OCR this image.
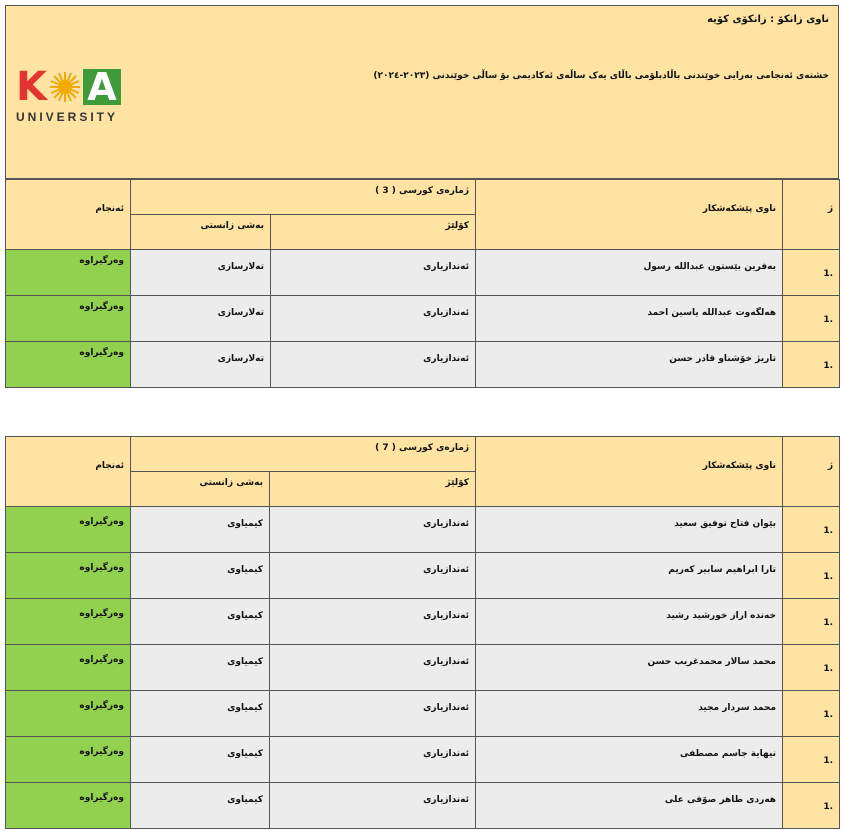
ناوی زانکۆ : زانکۆی کۆیە
خشتەی ئەنجامی بەرایی خوێندنی باڵادبلۆمی باڵای یەک ساڵەی ئەکادیمی بۆ ساڵی خوێندنی (٢٠٢٣-٢٠٢٤)
K A
UNIVERSITY
ئەنجام	ژمارەی کورسی ( 3 )		ناوی پێشکەشکار	ژ
	بەشی زانستی	کۆلێژ		
وەرگیراوە	تەلارسازی	ئەندازیاری	بەفرین بێستون عبداللە رسول	1.
وەرگیراوە	تەلارسازی	ئەندازیاری	هەلگەوت عبداللە یاسین احمد	1.
وەرگیراوە	تەلارسازی	ئەندازیاری	تاریژ خۆشناو قادر حسن	1.
ئەنجام	ژمارەی کورسی ( 7 )		ناوی پێشکەشکار	ژ
	بەشی زانستی	کۆلێژ		
وەرگیراوە	کیمیاوی	ئەندازیاری	بێوان فتاح توفیق سعید	1.
وەرگیراوە	کیمیاوی	ئەندازیاری	تارا ابراهیم سابیر کەریم	1.
وەرگیراوە	کیمیاوی	ئەندازیاری	خەندە اراز خورشید رشید	1.
وەرگیراوە	کیمیاوی	ئەندازیاری	محمد سالار محمدغریب حسن	1.
وەرگیراوە	کیمیاوی	ئەندازیاری	محمد سردار مجید	1.
وەرگیراوە	کیمیاوی	ئەندازیاری	نیهایة جاسم مصطفی	1.
وەرگیراوە	کیمیاوی	ئەندازیاری	هەردی طاهر صۆفی علی	1.
